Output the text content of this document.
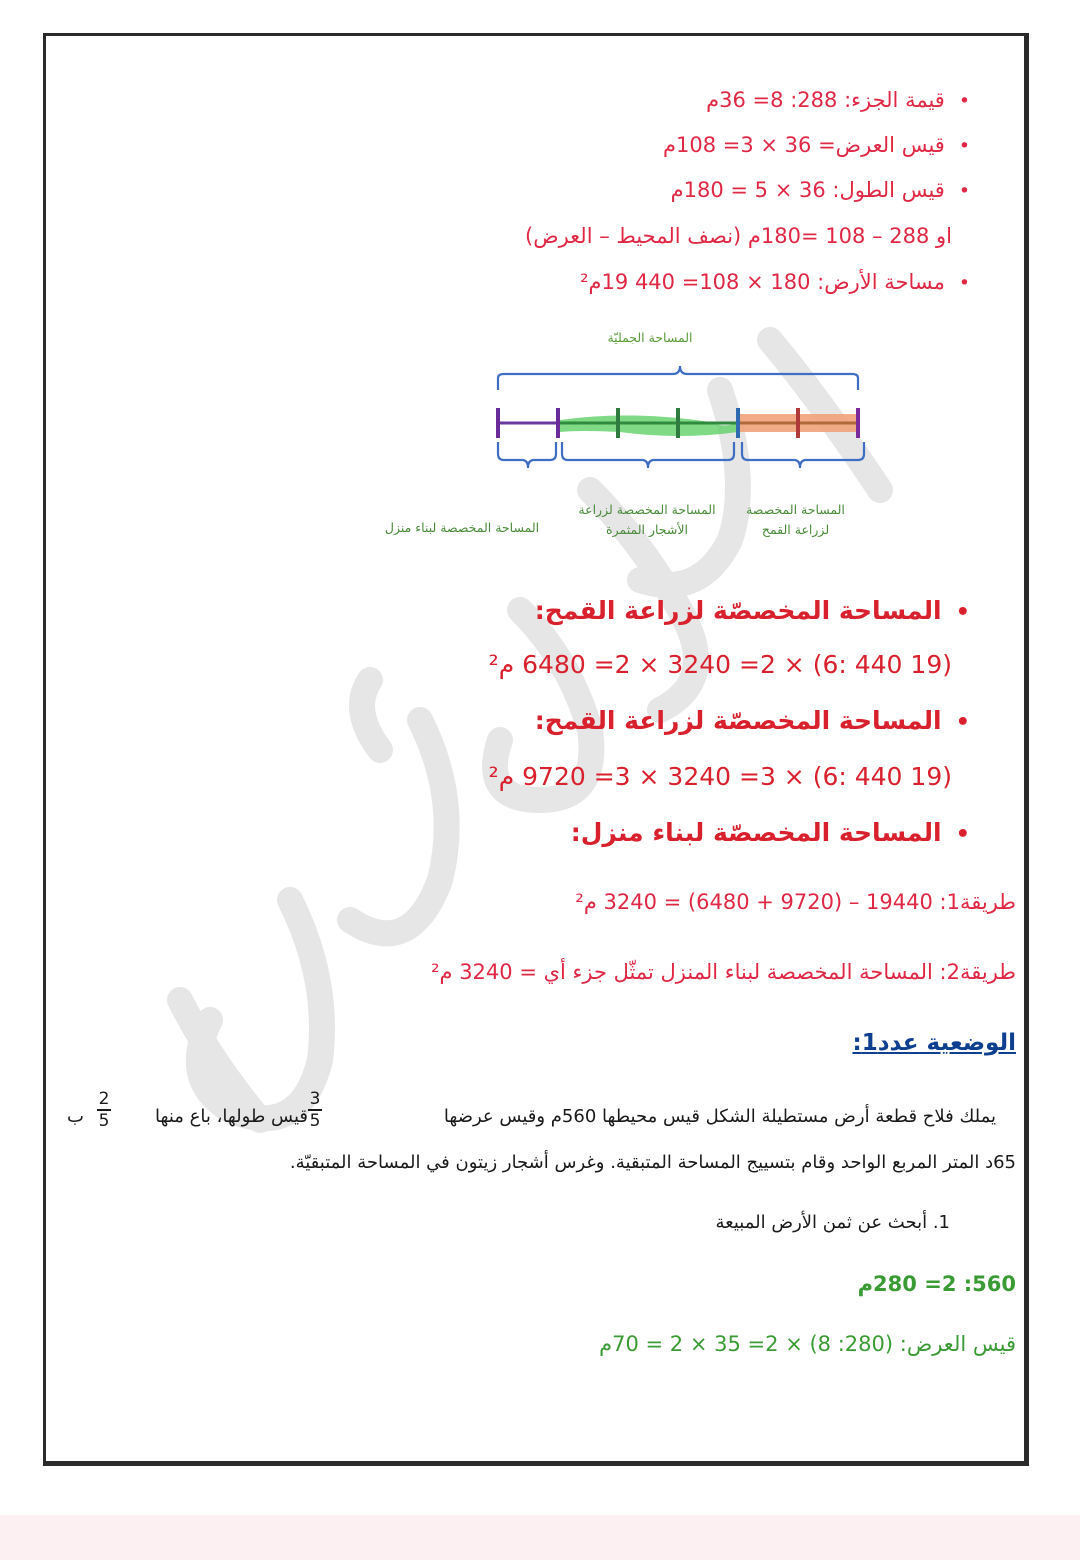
• قيمة الجزء: 288: 8= 36م
• قيس العرض= 36 × 3= 108م
• قيس الطول: 36 × 5 = 180م
او 288 – 108 =180م (نصف المحيط – العرض)
• مساحة الأرض: 180 × 108= 440 19م²
المساحة الجمليّة
المساحة المخصصة لبناء منزل
المساحة المخصصة لزراعة الأشجار المثمرة
المساحة المخصصة لزراعة القمح
• المساحة المخصصّة لزراعة القمح:
(19 440 :6) × 2= 3240 × 2= 6480 م²
• المساحة المخصصّة لزراعة القمح:
(19 440 :6) × 3= 3240 × 3= 9720 م²
• المساحة المخصصّة لبناء منزل:
طريقة1: 19440 – (9720 + 6480) = 3240 م²
طريقة2: المساحة المخصصة لبناء المنزل تمثّل جزء أي = 3240 م²
الوضعية عدد1:
يملك فلاح قطعة أرض مستطيلة الشكل قيس محيطها 560م وقيس عرضها
3
5
قيس طولها، باع منها
2
5
ب
65د المتر المربع الواحد وقام بتسييج المساحة المتبقية. وغرس أشجار زيتون في المساحة المتبقيّة.
1. أبحث عن ثمن الأرض المبيعة
560: 2= 280م
قيس العرض: (280: 8) × 2= 35 × 2 = 70م
